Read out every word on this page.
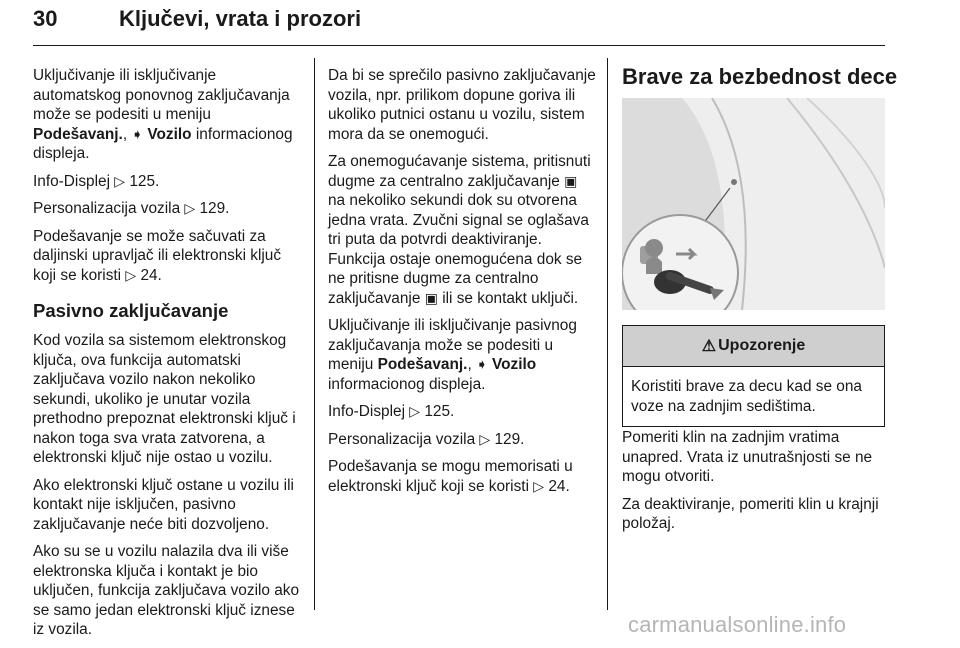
30	Ključevi, vrata i prozori

Uključivanje ili isključivanje automatskog ponovnog zaključavanja može se podesiti u meniju Podešavanj., ➧ Vozilo informacionog displeja.

Info-Displej ▷ 125.

Personalizacija vozila ▷ 129.

Podešavanje se može sačuvati za daljinski upravljač ili elektronski ključ koji se koristi ▷ 24.

Pasivno zaključavanje

Kod vozila sa sistemom elektronskog ključa, ova funkcija automatski zaključava vozilo nakon nekoliko sekundi, ukoliko je unutar vozila prethodno prepoznat elektronski ključ i nakon toga sva vrata zatvorena, a elektronski ključ nije ostao u vozilu.

Ako elektronski ključ ostane u vozilu ili kontakt nije isključen, pasivno zaključavanje neće biti dozvoljeno.

Ako su se u vozilu nalazila dva ili više elektronska ključa i kontakt je bio uključen, funkcija zaključava vozilo ako se samo jedan elektronski ključ iznese iz vozila.

Da bi se sprečilo pasivno zaključavanje vozila, npr. prilikom dopune goriva ili ukoliko putnici ostanu u vozilu, sistem mora da se onemogući.

Za onemogućavanje sistema, pritisnuti dugme za centralno zaključavanje ▣ na nekoliko sekundi dok su otvorena jedna vrata. Zvučni signal se oglašava tri puta da potvrdi deaktiviranje. Funkcija ostaje onemogućena dok se ne pritisne dugme za centralno zaključavanje ▣ ili se kontakt uključi.

Uključivanje ili isključivanje pasivnog zaključavanja može se podesiti u meniju Podešavanj., ➧ Vozilo informacionog displeja.

Info-Displej ▷ 125.

Personalizacija vozila ▷ 129.

Podešavanja se mogu memorisati u elektronski ključ koji se koristi ▷ 24.

Brave za bezbednost dece
⚠ Upozorenje
Koristiti brave za decu kad se ona voze na zadnjim sedištima.

Pomeriti klin na zadnjim vratima unapred. Vrata iz unutrašnjosti se ne mogu otvoriti.

Za deaktiviranje, pomeriti klin u krajnji položaj.

carmanualsonline.info
